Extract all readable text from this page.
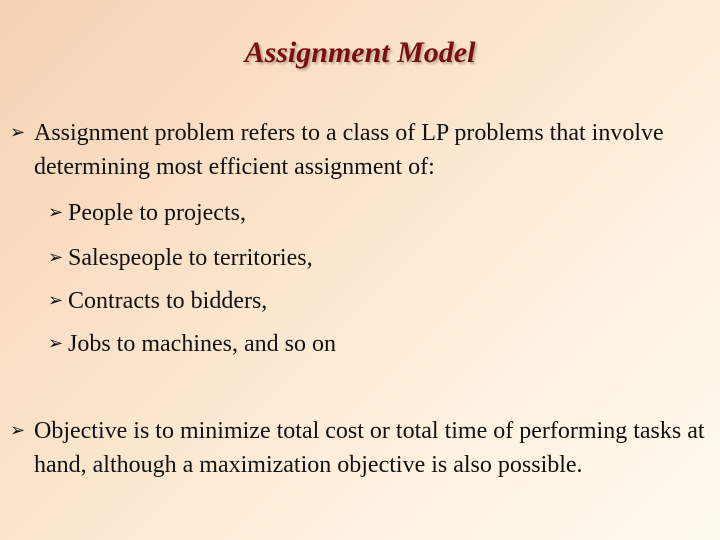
Assignment Model
➢ Assignment problem refers to a class of LP problems that involve determining most efficient assignment of:
➢ People to projects,
➢ Salespeople to territories,
➢ Contracts to bidders,
➢ Jobs to machines, and so on
➢ Objective is to minimize total cost or total time of performing tasks at hand, although a maximization objective is also possible.
